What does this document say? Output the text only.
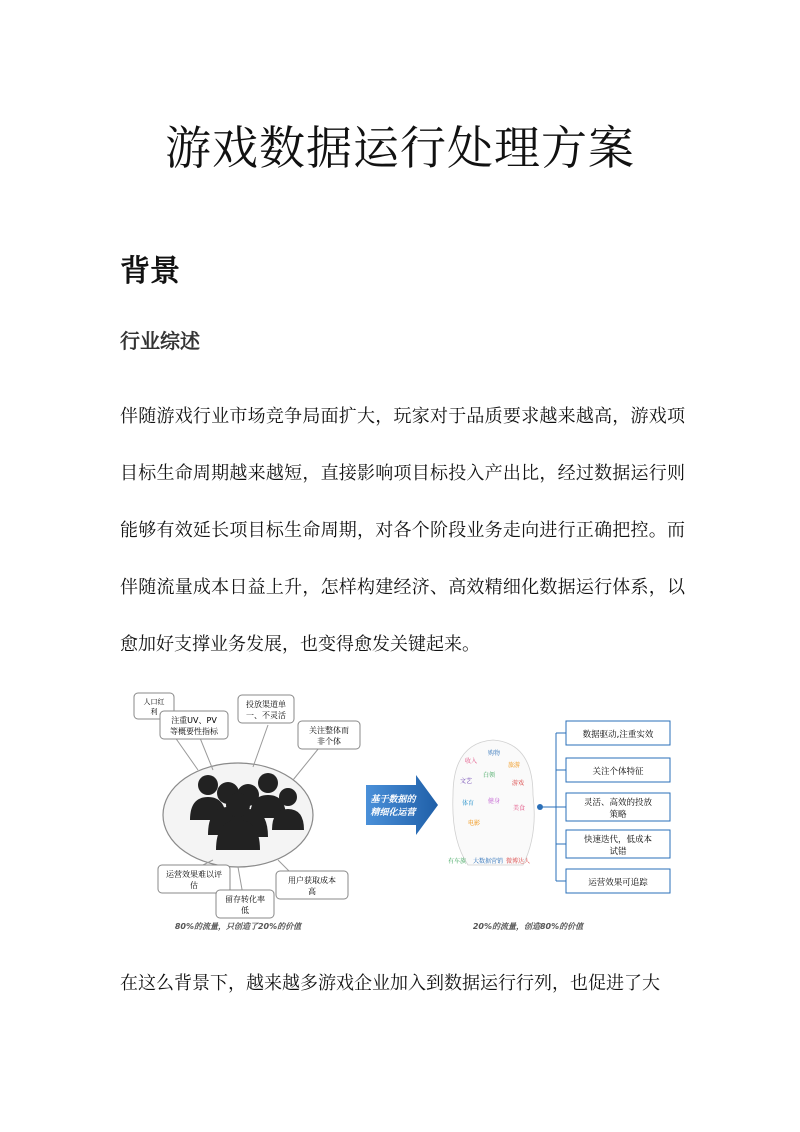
游戏数据运行处理方案
背景
行业综述

伴随游戏行业市场竞争局面扩大，玩家对于品质要求越来越高，游戏项目标生命周期越来越短，直接影响项目标投入产出比，经过数据运行则能够有效延长项目标生命周期，对各个阶段业务走向进行正确把控。而伴随流量成本日益上升，怎样构建经济、高效精细化数据运行体系，以愈加好支撑业务发展，也变得愈发关键起来。

人口红
利
注重UV、PV
等概要性指标
投放渠道单
一、不灵活
关注整体而
非个体
运营效果难以评
估
留存转化率
低
用户获取成本
高
80%的流量，只创造了20%的价值
基于数据的
精细化运营
收入
购物
旅游
文艺
白领
游戏
体育 健身
美食
电影
有车族 大数据营销 微博达人
数据驱动,注重实效
关注个体特征
灵活、高效的投放
策略
快速迭代，低成本
试错
运营效果可追踪
20%的流量，创造80%的价值

在这么背景下，越来越多游戏企业加入到数据运行行列，也促进了大
